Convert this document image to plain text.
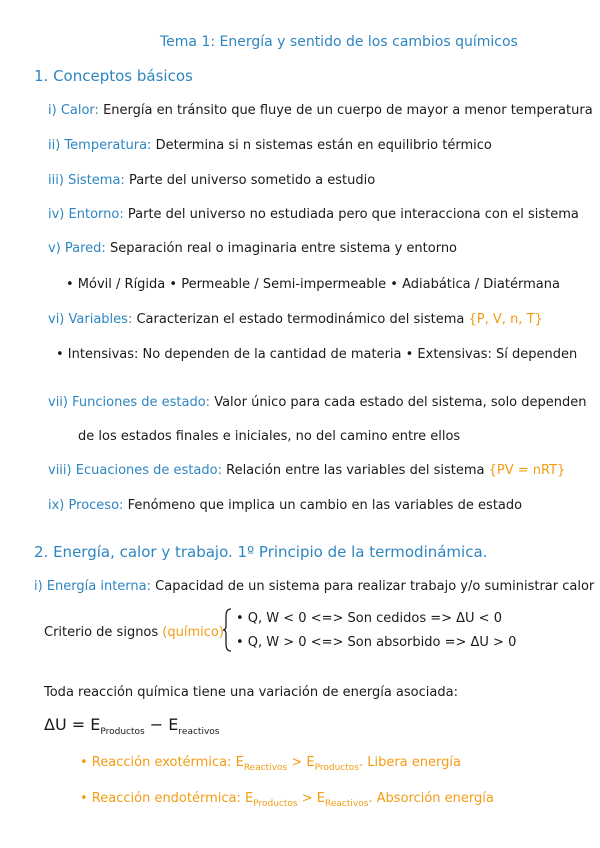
Tema 1: Energía y sentido de los cambios químicos
1. Conceptos básicos
i) Calor: Energía en tránsito que fluye de un cuerpo de mayor a menor temperatura
ii) Temperatura: Determina si n sistemas están en equilibrio térmico
iii) Sistema: Parte del universo sometido a estudio
iv) Entorno: Parte del universo no estudiada pero que interacciona con el sistema
v) Pared: Separación real o imaginaria entre sistema y entorno
• Móvil / Rígida • Permeable / Semi-impermeable • Adiabática / Diatérmana
vi) Variables: Caracterizan el estado termodinámico del sistema {P, V, n, T}
• Intensivas: No dependen de la cantidad de materia • Extensivas: Sí dependen
vii) Funciones de estado: Valor único para cada estado del sistema, solo dependen
de los estados finales e iniciales, no del camino entre ellos
viii) Ecuaciones de estado: Relación entre las variables del sistema {PV = nRT}
ix) Proceso: Fenómeno que implica un cambio en las variables de estado
2. Energía, calor y trabajo. 1º Principio de la termodinámica.
i) Energía interna: Capacidad de un sistema para realizar trabajo y/o suministrar calor
Criterio de signos (químico)
• Q, W < 0 <=> Son cedidos => ΔU < 0
• Q, W > 0 <=> Son absorbido => ΔU > 0
Toda reacción química tiene una variación de energía asociada:
$\Delta U = E_{Productos} - E_{reactivos}$
• Reacción exotérmica: $E_{Reactivos} > E_{Productos}$. Libera energía
• Reacción endotérmica: $E_{Productos} > E_{Reactivos}$. Absorción energía
